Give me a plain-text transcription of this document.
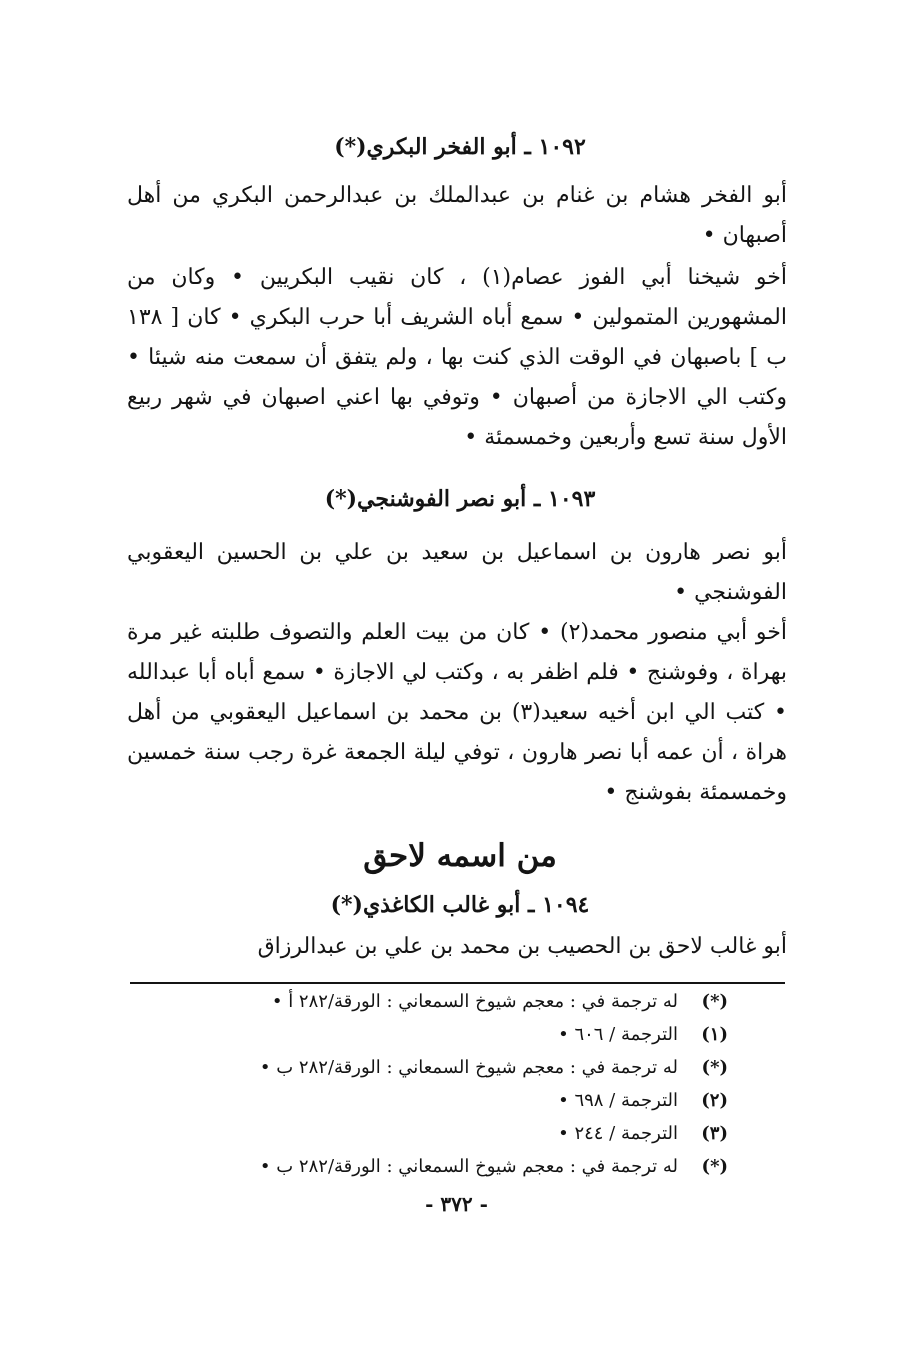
١٠٩٢ ـ أبو الفخر البكري(*)
أبو الفخر هشام بن غنام بن عبدالملك بن عبدالرحمن البكري من أهل أصبهان •
أخو شيخنا أبي الفوز عصام(١) ، كان نقيب البكريين • وكان من المشهورين المتمولين • سمع أباه الشريف أبا حرب البكري • كان [ ١٣٨ ب ] باصبهان في الوقت الذي كنت بها ، ولم يتفق أن سمعت منه شيئا • وكتب الي الاجازة من أصبهان • وتوفي بها اعني اصبهان في شهر ربيع الأول سنة تسع وأربعين وخمسمئة •
١٠٩٣ ـ أبو نصر الفوشنجي(*)
أبو نصر هارون بن اسماعيل بن سعيد بن علي بن الحسين اليعقوبي الفوشنجي •
أخو أبي منصور محمد(٢) • كان من بيت العلم والتصوف طلبته غير مرة بهراة ، وفوشنج • فلم اظفر به ، وكتب لي الاجازة • سمع أباه أبا عبدالله • كتب الي ابن أخيه سعيد(٣) بن محمد بن اسماعيل اليعقوبي من أهل هراة ، أن عمه أبا نصر هارون ، توفي ليلة الجمعة غرة رجب سنة خمسين وخمسمئة بفوشنج •
من اسمه لاحق
١٠٩٤ ـ أبو غالب الكاغذي(*)
أبو غالب لاحق بن الحصيب بن محمد بن علي بن عبدالرزاق
(*)
له ترجمة في : معجم شيوخ السمعاني : الورقة/٢٨٢ أ •
(١)
الترجمة / ٦٠٦ •
(*)
له ترجمة في : معجم شيوخ السمعاني : الورقة/٢٨٢ ب •
(٢)
الترجمة / ٦٩٨ •
(٣)
الترجمة / ٢٤٤ •
(*)
له ترجمة في : معجم شيوخ السمعاني : الورقة/٢٨٢ ب •
- ٣٧٢ -
